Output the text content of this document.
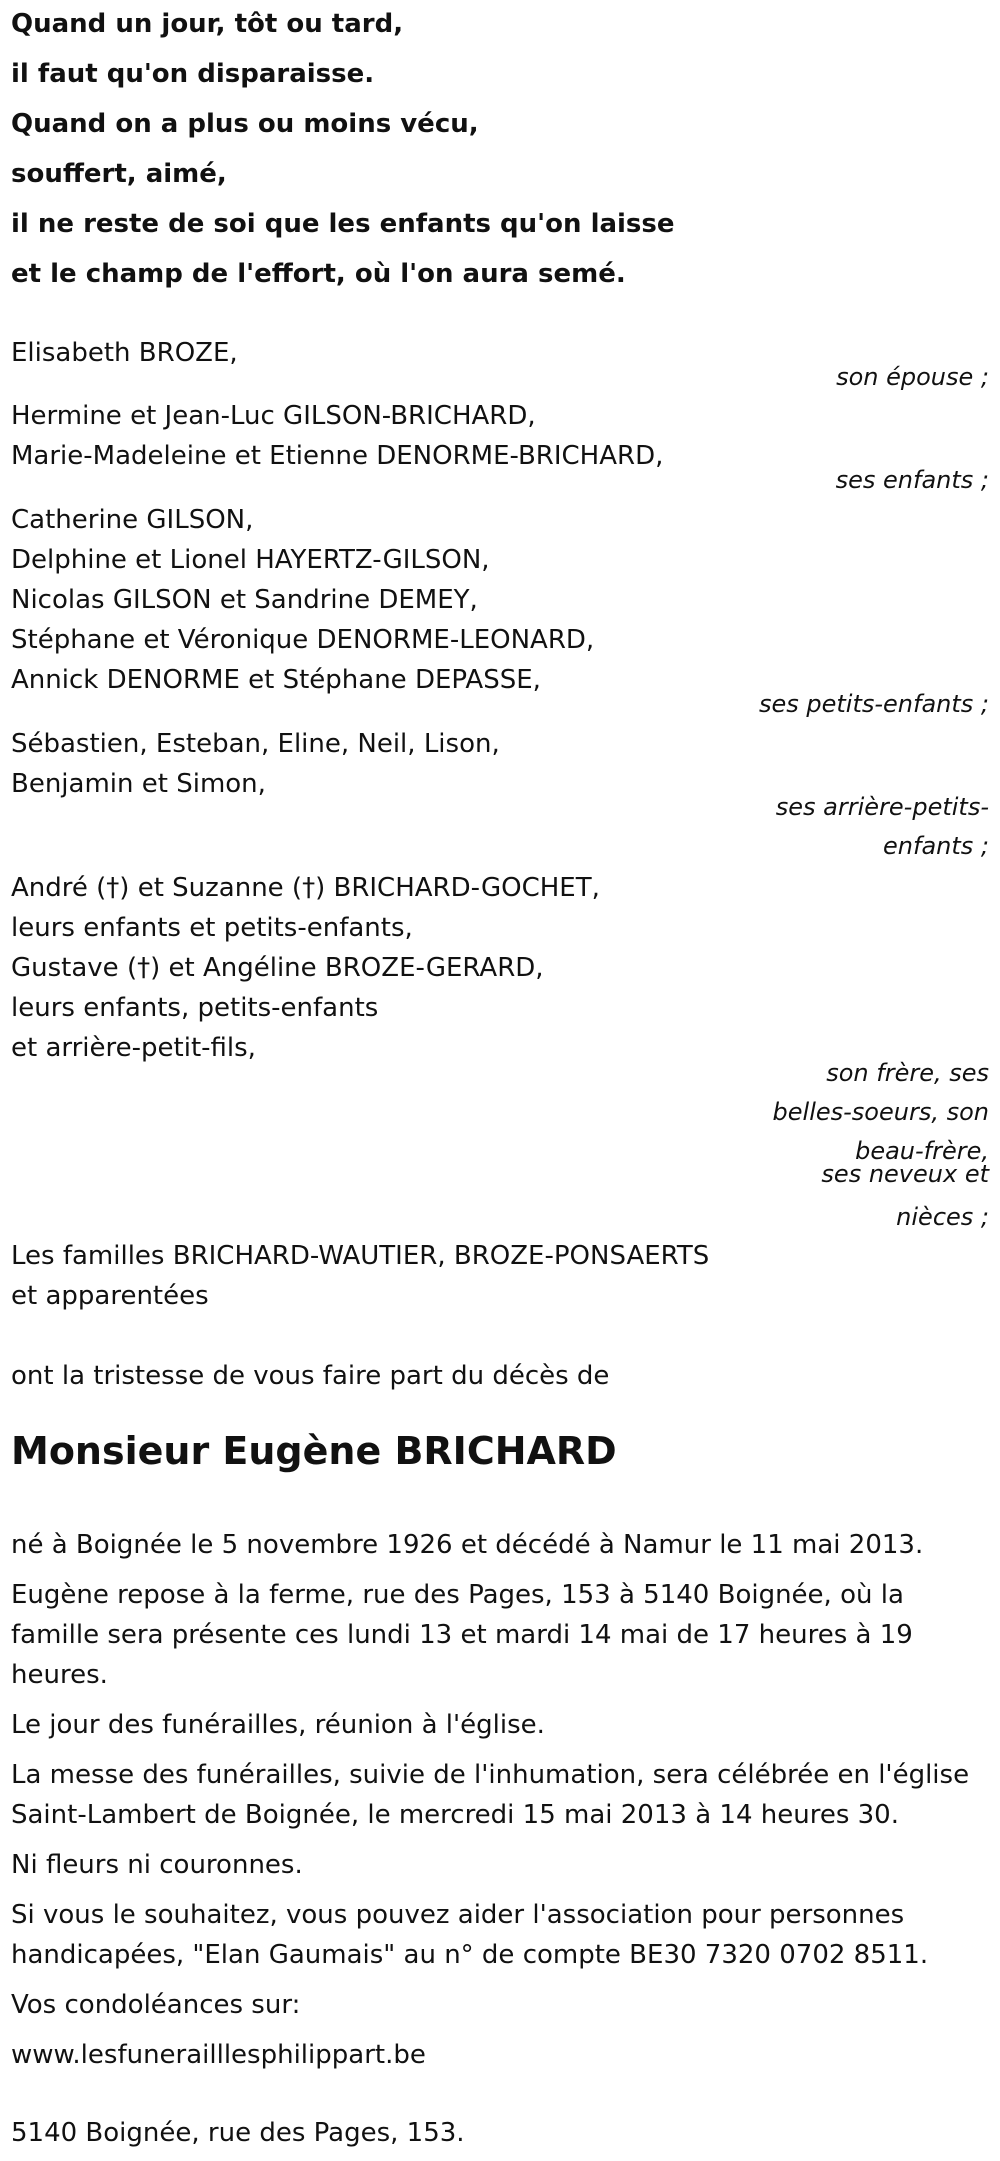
Quand un jour, tôt ou tard,
il faut qu'on disparaisse.
Quand on a plus ou moins vécu,
souffert, aimé,
il ne reste de soi que les enfants qu'on laisse
et le champ de l'effort, où l'on aura semé.
Elisabeth BROZE,
son épouse ;
Hermine et Jean-Luc GILSON-BRICHARD,
Marie-Madeleine et Etienne DENORME-BRICHARD,
ses enfants ;
Catherine GILSON,
Delphine et Lionel HAYERTZ-GILSON,
Nicolas GILSON et Sandrine DEMEY,
Stéphane et Véronique DENORME-LEONARD,
Annick DENORME et Stéphane DEPASSE,
ses petits-enfants ;
Sébastien, Esteban, Eline, Neil, Lison,
Benjamin et Simon,
ses arrière-petits-
enfants ;
André (†) et Suzanne (†) BRICHARD-GOCHET,
leurs enfants et petits-enfants,
Gustave (†) et Angéline BROZE-GERARD,
leurs enfants, petits-enfants
et arrière-petit-fils,
son frère, ses
belles-soeurs, son
beau-frère,
ses neveux et
nièces ;
Les familles BRICHARD-WAUTIER, BROZE-PONSAERTS
et apparentées
ont la tristesse de vous faire part du décès de
Monsieur Eugène BRICHARD
né à Boignée le 5 novembre 1926 et décédé à Namur le 11 mai 2013.
Eugène repose à la ferme, rue des Pages, 153 à 5140 Boignée, où la famille sera présente ces lundi 13 et mardi 14 mai de 17 heures à 19 heures.
Le jour des funérailles, réunion à l'église.
La messe des funérailles, suivie de l'inhumation, sera célébrée en l'église Saint-Lambert de Boignée, le mercredi 15 mai 2013 à 14 heures 30.
Ni fleurs ni couronnes.
Si vous le souhaitez, vous pouvez aider l'association pour personnes handicapées, "Elan Gaumais" au n° de compte BE30 7320 0702 8511.
Vos condoléances sur:
www.lesfunerailllesphilippart.be
5140 Boignée, rue des Pages, 153.
